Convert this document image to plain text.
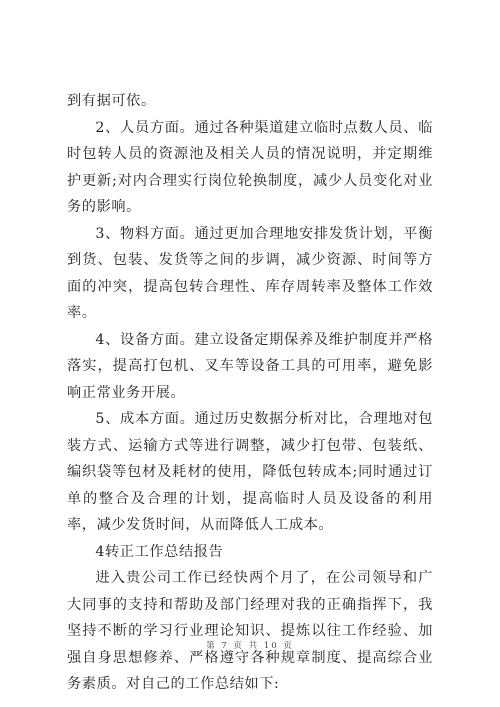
到有据可依。

2、人员方面。通过各种渠道建立临时点数人员、临时包转人员的资源池及相关人员的情况说明，并定期维护更新;对内合理实行岗位轮换制度，减少人员变化对业务的影响。

3、物料方面。通过更加合理地安排发货计划，平衡到货、包装、发货等之间的步调，减少资源、时间等方面的冲突，提高包转合理性、库存周转率及整体工作效率。

4、设备方面。建立设备定期保养及维护制度并严格落实，提高打包机、叉车等设备工具的可用率，避免影响正常业务开展。

5、成本方面。通过历史数据分析对比，合理地对包装方式、运输方式等进行调整，减少打包带、包装纸、编织袋等包材及耗材的使用，降低包转成本;同时通过订单的整合及合理的计划，提高临时人员及设备的利用率，减少发货时间，从而降低人工成本。

4转正工作总结报告

进入贵公司工作已经快两个月了，在公司领导和广大同事的支持和帮助及部门经理对我的正确指挥下，我坚持不断的学习行业理论知识、提炼以往工作经验、加强自身思想修养、严格遵守各种规章制度、提高综合业务素质。对自己的工作总结如下:

第 7 页 共 10 页
